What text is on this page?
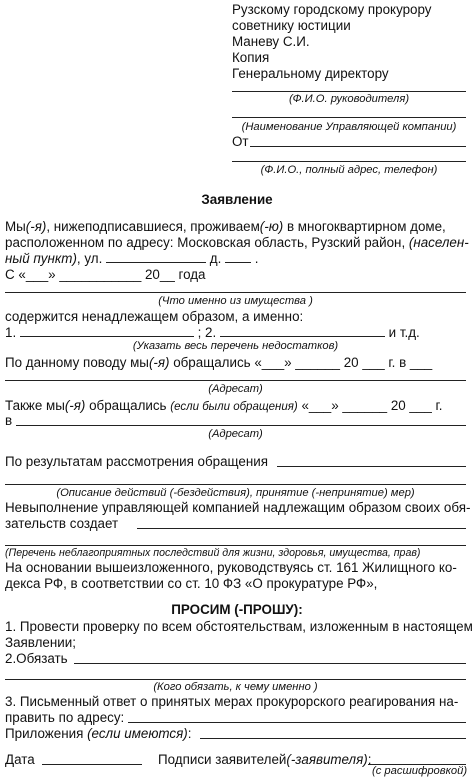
Рузскому городскому прокурору
советнику юстиции
Маневу С.И.
Копия
Генеральному директору
(Ф.И.О. руководителя)
(Наименование Управляющей компании)
От
(Ф.И.О., полный адрес, телефон)
Заявление
Мы(-я), нижеподписавшиеся, проживаем(-ю) в многоквартирном доме,
расположенном по адресу: Московская область, Рузский район, (населен-
ный пункт), ул.	д.  .
С «___» ___________ 20__ года
(Что именно из имущества )
содержится ненадлежащем образом, а именно:
1.	; 2.	и т.д.
(Указать весь перечень недостатков)
По данному поводу мы(-я) обращались «___» ______ 20 ___ г. в ___
(Адресат)
Также мы(-я) обращались (если были обращения) «___» ______ 20 ___ г.
в
(Адресат)
По результатам рассмотрения обращения
(Описание действий (-бездействия), принятие (-непринятие) мер)
Невыполнение управляющей компанией надлежащим образом своих обя-
зательств создает
(Перечень неблагоприятных последствий для жизни, здоровья, имущества, прав)
На основании вышеизложенного, руководствуясь ст. 161 Жилищного ко-
декса РФ, в соответствии со ст. 10 ФЗ «О прокуратуре РФ»,
ПРОСИМ (-ПРОШУ):
1. Провести проверку по всем обстоятельствам, изложенным в настоящем
Заявлении;
2.Обязать
(Кого обязать, к чему именно )
3. Письменный ответ о принятых мерах прокурорского реагирования на-
править по адресу:
Приложения (если имеются):
Дата	Подписи заявителей(-заявителя):
(с расшифровкой)
